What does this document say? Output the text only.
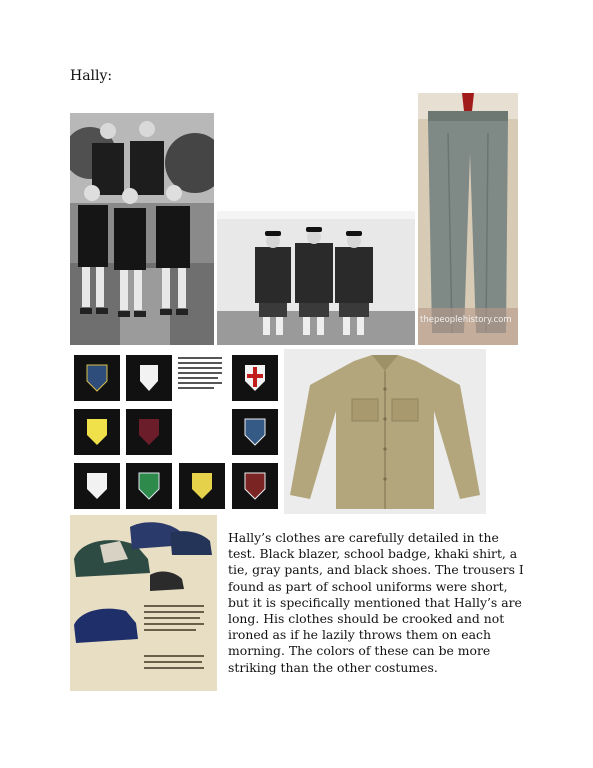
Hally:
thepeoplehistory.com
Hally’s clothes are carefully detailed in the test. Black blazer, school badge, khaki shirt, a tie, gray pants, and black shoes. The trousers I found as part of school uniforms were short, but it is specifically mentioned that Hally’s are long. His clothes should be crooked and not ironed as if he lazily throws them on each morning. The colors of these can be more striking than the other costumes.
